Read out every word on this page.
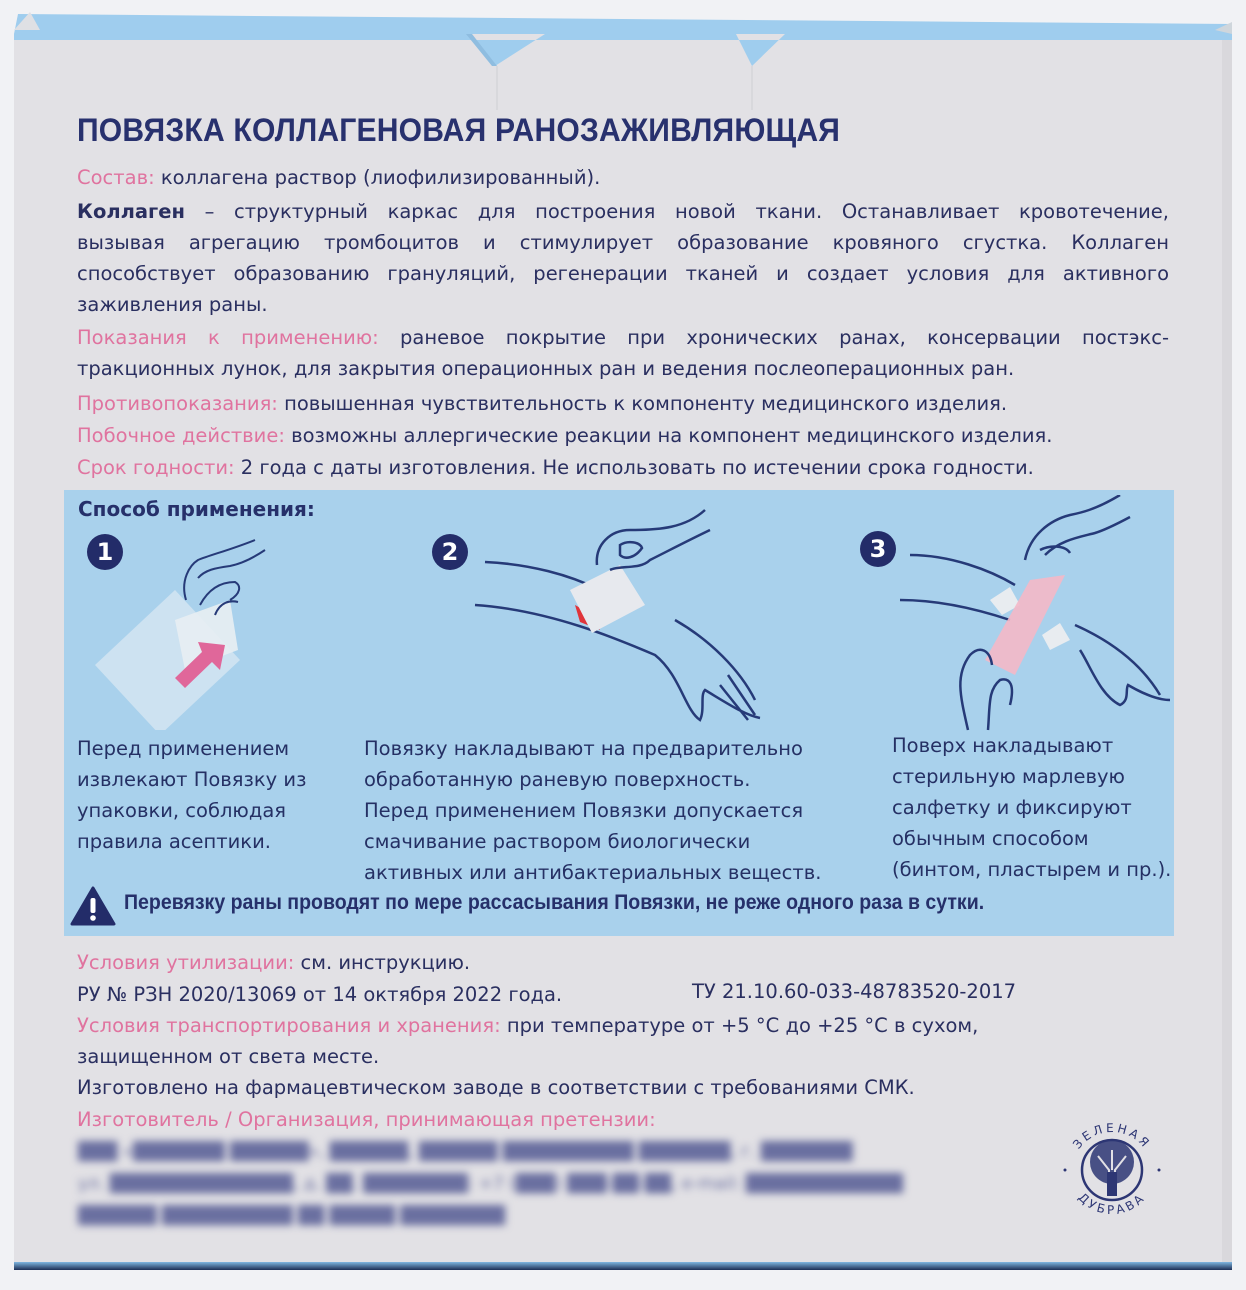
ПОВЯЗКА КОЛЛАГЕНОВАЯ РАНОЗАЖИВЛЯЮЩАЯ
Состав: коллагена раствор (лиофилизированный).
Коллаген – структурный каркас для построения новой ткани. Останавливает кровотечение,
вызывая агрегацию тромбоцитов и стимулирует образование кровяного сгустка. Коллаген
способствует образованию грануляций, регенерации тканей и создает условия для активного
заживления раны.
Показания к применению: раневое покрытие при хронических ранах, консервации постэкс-
тракционных лунок, для закрытия операционных ран и ведения послеоперационных ран.
Противопоказания: повышенная чувствительность к компоненту медицинского изделия.
Побочное действие: возможны аллергические реакции на компонент медицинского изделия.
Срок годности: 2 года с даты изготовления. Не использовать по истечении срока годности.
Способ применения:
1	2	3
Перед применением
извлекают Повязку из
упаковки, соблюдая
правила асептики.
Повязку накладывают на предварительно
обработанную раневую поверхность.
Перед применением Повязки допускается
смачивание раствором биологически
активных или антибактериальных веществ.
Поверх накладывают
стерильную марлевую
салфетку и фиксируют
обычным способом
(бинтом, пластырем и пр.).
Перевязку раны проводят по мере рассасывания Повязки, не реже одного раза в сутки.
Условия утилизации: см. инструкцию.
РУ № РЗН 2020/13069 от 14 октября 2022 года.	ТУ 21.10.60-033-48783520-2017
Условия транспортирования и хранения: при температуре от +5 °С до +25 °С в сухом,
защищенном от света месте.
Изготовлено на фармацевтическом заводе в соответствии с требованиями СМК.
Изготовитель / Организация, принимающая претензии:
███ «███████ ██████», ██████, ██████ ██████████ ███████, г. ███████
ул. ██████████████, д. ██. ████████: +7 (███) ███-██-██, e-mail: ████████████
██████ ██████████ ██ █████ ████████
ЗЕЛЕНАЯ
ДУБРАВА
